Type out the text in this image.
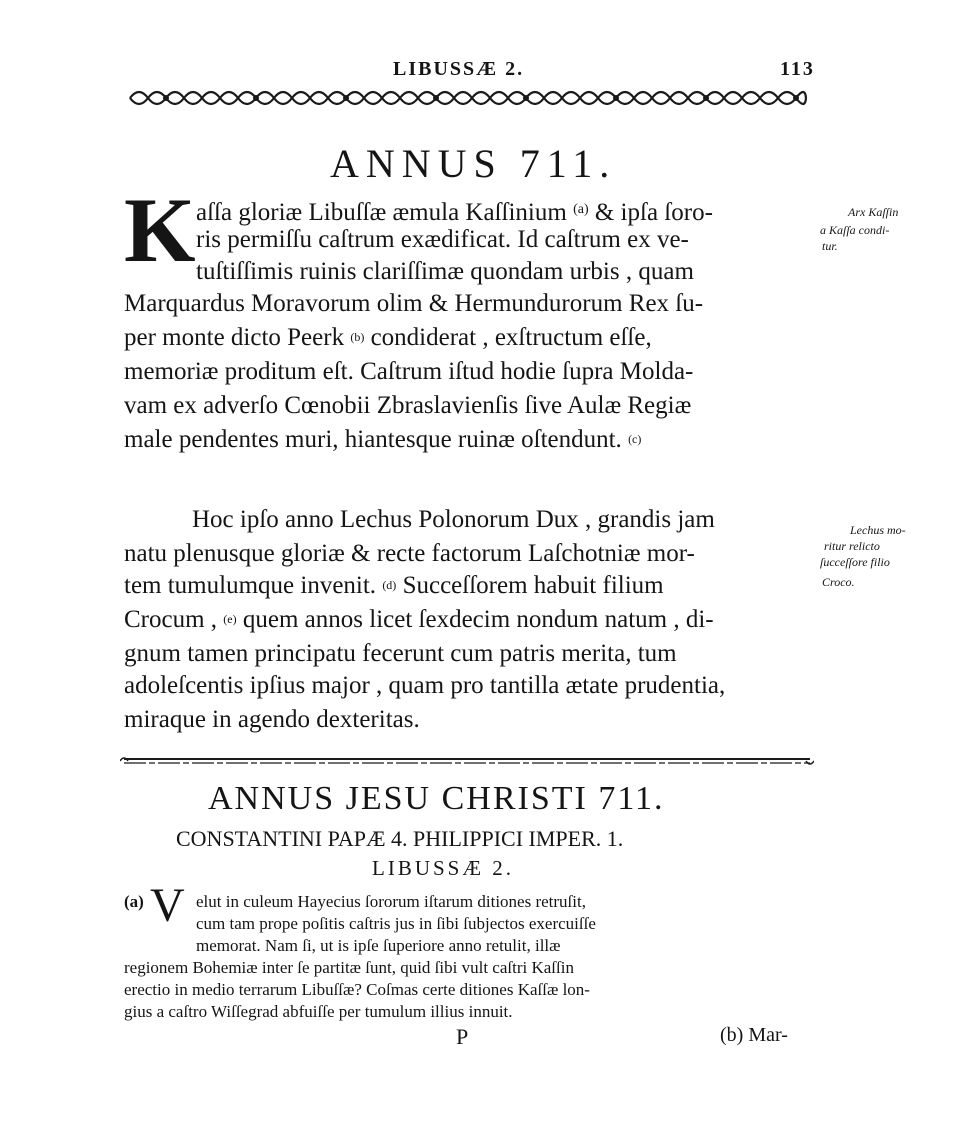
LIBUSSÆ 2.	113
ANNUS 711.
K aſſa gloriæ Libuſſæ æmula Kaſſinium $^{(a)}$ & ipſa ſoro-
ris permiſſu caſtrum exædificat. Id caſtrum ex ve-
tuſtiſſimis ruinis clariſſimæ quondam urbis , quam
Marquardus Moravorum olim & Hermundurorum Rex ſu-
per monte dicto Peerk (b) condiderat , exſtructum eſſe,
memoriæ proditum eſt. Caſtrum iſtud hodie ſupra Molda-
vam ex adverſo Cœnobii Zbraslavienſis ſive Aulæ Regiæ
male pendentes muri, hiantesque ruinæ oſtendunt. (c)
Arx Kaſſin
a Kaſſa condi-
tur.
Hoc ipſo anno Lechus Polonorum Dux , grandis jam
natu plenusque gloriæ & recte factorum Laſchotniæ mor-
tem tumulumque invenit. (d) Succeſſorem habuit filium
Crocum , (e) quem annos licet ſexdecim nondum natum , di-
gnum tamen principatu fecerunt cum patris merita, tum
adoleſcentis ipſius major , quam pro tantilla ætate prudentia,
miraque in agendo dexteritas.
Lechus mo-
ritur relicto
ſucceſſore filio
Croco.
ANNUS JESU CHRISTI 711.
CONSTANTINI PAPÆ 4. PHILIPPICI IMPER. 1.
LIBUSSÆ 2.
(a) V elut in culeum Hayecius ſororum iſtarum ditiones retruſit,
cum tam prope poſitis caſtris jus in ſibi ſubjectos exercuiſſe
memorat. Nam ſi, ut is ipſe ſuperiore anno retulit, illæ
regionem Bohemiæ inter ſe partitæ ſunt, quid ſibi vult caſtri Kaſſin
erectio in medio terrarum Libuſſæ? Coſmas certe ditiones Kaſſæ lon-
gius a caſtro Wiſſegrad abfuiſſe per tumulum illius innuit.
P	(b) Mar-
